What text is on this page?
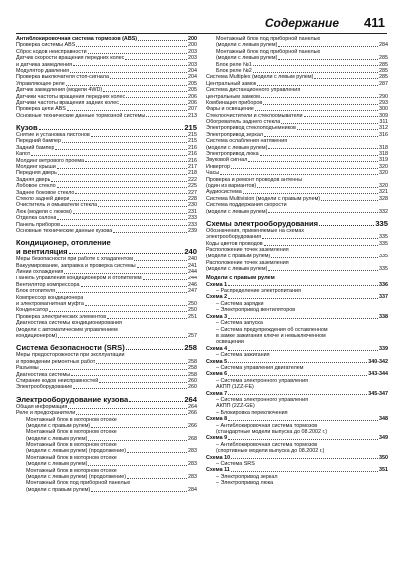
Содержание 411
Антиблокировочная система тормозов (ABS)	200
Проверка системы ABS	200
Сброс кодов неисправности	203
Датчик скорости вращения передних колес	203
и датчика замедления	203
Модулятор давления	204
Проверка выключателя стоп-сигнала	204
Управляющее реле	205
Датчик замедления (модели 4WD)	205
Датчики частоты вращения передних колес	206
Датчики частоты вращения задних колес	206
Проверка цепи ABS	207
Основные технические данные тормозной системы	213
Кузов	215
Снятие и установка пистонов	215
Передний бампер	215
Задний бампер	216
Капот	216
Молдинг ветрового проема	216
Молдинг крыши	217
Передняя дверь	218
Задняя дверь	222
Лобовое стекло	225
Заднее боковое стекло	227
Стекло задней двери	228
Очиститель и омыватели стекла	230
Люк (модели с люком)	231
Отделка салона	233
Панель приборов	233
Основные технические данные кузова	239
Кондиционер, отопление
и вентиляция	240
Меры безопасности при работе с хладагентом	240
Вакуумирование, заправка и проверка системы	241
Линии охлаждения	244
Панель управления кондиционером и отопителем	244
Вентилятор компрессора	246
Блок отопителя	247
Компрессор кондиционера
и электромагнитная муфта	250
Конденсатор	250
Проверка электрических элементов	251
Диагностика системы кондиционирования
(модели с автоматическим управлением
кондиционером)	257
Система безопасности (SRS)	258
Меры предосторожности при эксплуатации
и проведении ремонтных работ	258
Разъемы	258
Диагностика системы	258
Стирание кодов неисправностей	260
Электрооборудование	260
Электрооборудование кузова	264
Общая информация	264
Реле и предохранители	266
Монтажный блок в моторном отсеке
(модели с правым рулем)	266
Монтажный блок в моторном отсеке
(модели с левым рулем)	268
Монтажный блок в моторном отсеке
(модели с левым рулем) (продолжение)	283
Монтажный блок в моторном отсеке
(модели с левым рулем)	283
Монтажный блок в моторном отсеке
(модели с левым рулем) (продолжение)	283
Монтажный блок под приборной панелью
(модели с правым рулем)	284
Монтажный блок под приборной панелью
(модели с левым рулем)	284
Монтажный блок под приборной панелью
(модели с левым рулем)	285
Блок реле №1	285
Блок реле №2	285
Система Multiplex (модели с левым рулем)	285
Центральный замок	287
Система дистанционного управления
центральным замком	290
Комбинация приборов	293
Фары и освещение	300
Стеклоочистители и стеклоомыватели	309
Обогреватель заднего стекла	311
Электропривод стеклоподъемников	312
Электропривод зеркал	316
Система ослабления натяжения
(модели с левым рулем)	318
Электропривод люка	318
Звуковой сигнал	319
Инвертор	320
Часы	320
Проверка и ремонт проводов антенны
(один из вариантов)	320
Аудиосистема	321
Система Multivision (модели с правым рулем)	328
Система поддержания скорости
(модели с левым рулем)	332
Схемы электрооборудования	335
Обозначения, применяемые на схемах
электрооборудования	335
Коды цветов проводов	335
Расположение точек заземления
(модели с правым рулем)	335
Расположение точек заземления
(модели с левым рулем)	335
Модели с правым рулем
Схема 1	336
– Распределение электропитания
Схема 2	337
– Система зарядки
– Электропривод вентиляторов
Схема 3	338
– Система запуска
– Система предупреждения об оставленном
в замке зажигания ключе и невыключенном
освещении
Схема 4	339
– Система зажигания
Схема 5	340-342
– Система управления двигателем
Схема 6	343-344
– Система электронного управления
АКПП (1ZZ-FE)
Схема 7	345-347
– Система электронного управления
АКПП (2ZZ-GE)
– Блокировка переключения
Схема 8	348
– Антиблокировочная система тормозов
(стандартные модели выпуска до 08.2002 г.)
Схема 9	349
– Антиблокировочная система тормозов
(спортивные модели выпуска до 08.2002 г.)
Схема 10	350
– Система SRS
Схема 11	351
– Электропривод зеркал
– Электропривод люка
